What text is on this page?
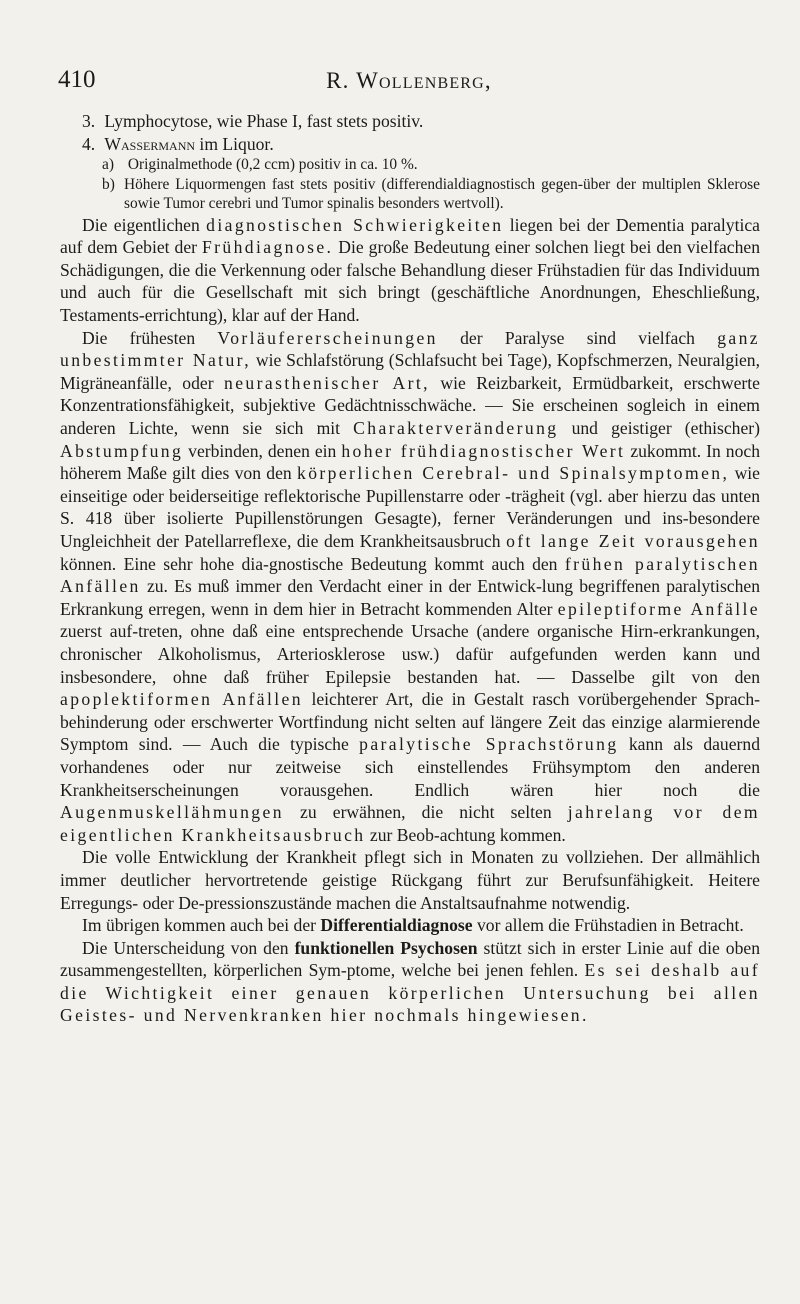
410	R. Wollenberg,
3. Lymphocytose, wie Phase I, fast stets positiv.
4. Wassermann im Liquor.
a) Originalmethode (0,2 ccm) positiv in ca. 10 %.
b) Höhere Liquormengen fast stets positiv (differendialdiagnostisch gegen-über der multiplen Sklerose sowie Tumor cerebri und Tumor spinalis besonders wertvoll).

Die eigentlichen diagnostischen Schwierigkeiten liegen bei der Dementia paralytica auf dem Gebiet der Frühdiagnose. Die große Bedeutung einer solchen liegt bei den vielfachen Schädigungen, die die Verkennung oder falsche Behandlung dieser Frühstadien für das Individuum und auch für die Gesellschaft mit sich bringt (geschäftliche Anordnungen, Eheschließung, Testaments-errichtung), klar auf der Hand.

Die frühesten Vorläufererscheinungen der Paralyse sind vielfach ganz unbestimmter Natur, wie Schlafstörung (Schlafsucht bei Tage), Kopfschmerzen, Neuralgien, Migräneanfälle, oder neurasthenischer Art, wie Reizbarkeit, Ermüdbarkeit, erschwerte Konzentrationsfähigkeit, subjektive Gedächtnisschwäche. — Sie erscheinen sogleich in einem anderen Lichte, wenn sie sich mit Charakterveränderung und geistiger (ethischer) Abstumpfung verbinden, denen ein hoher frühdiagnostischer Wert zukommt. In noch höherem Maße gilt dies von den körperlichen Cerebral- und Spinalsymptomen, wie einseitige oder beiderseitige reflektorische Pupillenstarre oder -trägheit (vgl. aber hierzu das unten S. 418 über isolierte Pupillenstörungen Gesagte), ferner Veränderungen und ins-besondere Ungleichheit der Patellarreflexe, die dem Krankheitsausbruch oft lange Zeit vorausgehen können. Eine sehr hohe dia-gnostische Bedeutung kommt auch den frühen paralytischen Anfällen zu. Es muß immer den Verdacht einer in der Entwick-lung begriffenen paralytischen Erkrankung erregen, wenn in dem hier in Betracht kommenden Alter epileptiforme Anfälle zuerst auf-treten, ohne daß eine entsprechende Ursache (andere organische Hirn-erkrankungen, chronischer Alkoholismus, Arteriosklerose usw.) dafür aufgefunden werden kann und insbesondere, ohne daß früher Epilepsie bestanden hat. — Dasselbe gilt von den apoplektiformen Anfällen leichterer Art, die in Gestalt rasch vorübergehender Sprach-behinderung oder erschwerter Wortfindung nicht selten auf längere Zeit das einzige alarmierende Symptom sind. — Auch die typische paralytische Sprachstörung kann als dauernd vorhandenes oder nur zeitweise sich einstellendes Frühsymptom den anderen Krankheitserscheinungen vorausgehen. Endlich wären hier noch die Augenmuskellähmungen zu erwähnen, die nicht selten jahrelang vor dem eigentlichen Krankheitsausbruch zur Beob-achtung kommen.

Die volle Entwicklung der Krankheit pflegt sich in Monaten zu vollziehen. Der allmählich immer deutlicher hervortretende geistige Rückgang führt zur Berufsunfähigkeit. Heitere Erregungs- oder De-pressionszustände machen die Anstaltsaufnahme notwendig.

Im übrigen kommen auch bei der Differentialdiagnose vor allem die Frühstadien in Betracht.

Die Unterscheidung von den funktionellen Psychosen stützt sich in erster Linie auf die oben zusammengestellten, körperlichen Sym-ptome, welche bei jenen fehlen. Es sei deshalb auf die Wichtigkeit einer genauen körperlichen Untersuchung bei allen Geistes- und Nervenkranken hier nochmals hingewiesen.
